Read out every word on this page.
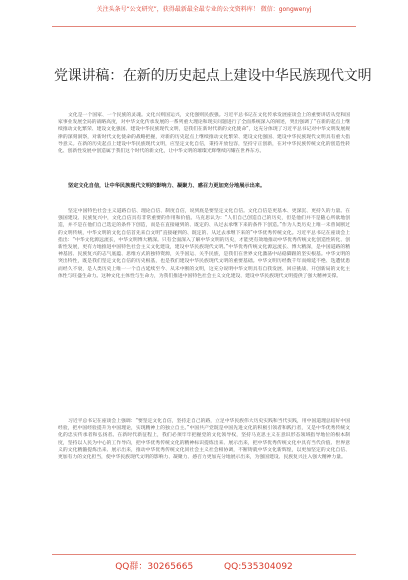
关注头条号“公文研究”，获得最新最全最专业的公文资料库！ 微信：gongwenyj
党课讲稿：在新的历史起点上建设中华民族现代文明

文化是一个国家、一个民族的灵魂。文化兴则国运兴，文化强则民族强。习近平总书记在文化传承发展座谈会上的重要讲话从党和国家事业发展全局的战略高度，对中华文化传承发展的一系列重大理论和现实问题进行了全面系统深入的阐述，突出强调了“在新的起点上继续推动文化繁荣、建设文化强国、建设中华民族现代文明，是我们在新时代新的文化使命”，这充分体现了习近平总书记对中华文明发展规律的深刻洞察，对新时代文化使命的战略把握，对新的历史起点上继续推动文化繁荣、建设文化强国、建设中华民族现代文明具有重大指导意义。在新的历史起点上建设中华民族现代文明，应坚定文化自信，秉持开放包容，坚持守正创新，在对中华民族传统文化的创造性转化、创新性发展中创造属于我们这个时代的新文化，让中华文明的璀璨光辉继续闪耀在世界东方。

坚定文化自信，让中华民族现代文明的影响力、凝聚力、感召力更加充分地展示出来。

坚定中国特色社会主义道路自信、理论自信、制度自信，说到底是要坚定文化自信。文化自信是更基本、更深沉、更持久的力量。在强国建设、民族复兴中，文化自信具有非常重要的作用和价值。马克思认为：“人们自己创造自己的历史，但是他们并不是随心所欲地创造，并不是在他们自己选定的条件下创造，而是在直接碰到的、既定的、从过去承继下来的条件下创造。”作为人类历史上唯一未曾间断过的文明传统，中华文明的文化自信首先来自文明“直接碰到的、既定的、从过去承继下来的”中华优秀传统文化。习近平总书记在座谈会上指出：“中华文化源远流长，中华文明博大精深。只有全面深入了解中华文明的历史，才能更有效地推动中华优秀传统文化创造性转化、创新性发展，更有力地推进中国特色社会主义文化建设，建设中华民族现代文明。”中华优秀传统文化源远流长、博大精深，是中国道路的精神基因、民族复兴的志气底蕴、思维方式的独特资源，关乎国运、关乎民族，是我们在世界文化激荡中站稳脚跟的坚实根基。中华文明的突出特性，既是我们坚定文化自信的历史根基，也是我们建设中华民族现代文明的重要基础。中华文明历经数千年而绵延不绝、迭遭忧患而经久不衰，是人类历史上唯一一个自古延续至今、从未中断的文明，这充分说明中华文明具有自我发展、回应挑战、开创新局的文化主体性与旺盛生命力。这种文化主体性与生命力，为我们推进中国特色社会主义文化建设、建设中华民族现代文明提供了强大精神支撑。

习近平总书记在座谈会上强调：“要坚定文化自信，坚持走自己的路，立足中华民族伟大历史实践和当代实践，用中国道理总结好中国经验，把中国经验提升为中国理论，实现精神上的独立自主。”中国共产党既是中国先进文化的积极引领者和践行者，又是中华优秀传统文化的忠实传承者和弘扬者。在新时代新征程上，我们必须牢牢把握党的文化领导权，坚持马克思主义在意识形态领域指导地位的根本制度，坚持以人民为中心的工作导向，把中华优秀传统文化的精神标识提炼出来、展示出来，把中华优秀传统文化中具有当代价值、世界意义的文化精髓提炼出来、展示出来，推动中华优秀传统文化同社会主义社会相协调，不断铸就中华文化新辉煌，以更加坚定的文化自信、更加有力的文化担当，使中华民族现代文明的影响力、凝聚力、感召力更加充分地展示出来，为强国建设、民族复兴注入强大精神力量。

QQ群：30265665	QQ:535304092
